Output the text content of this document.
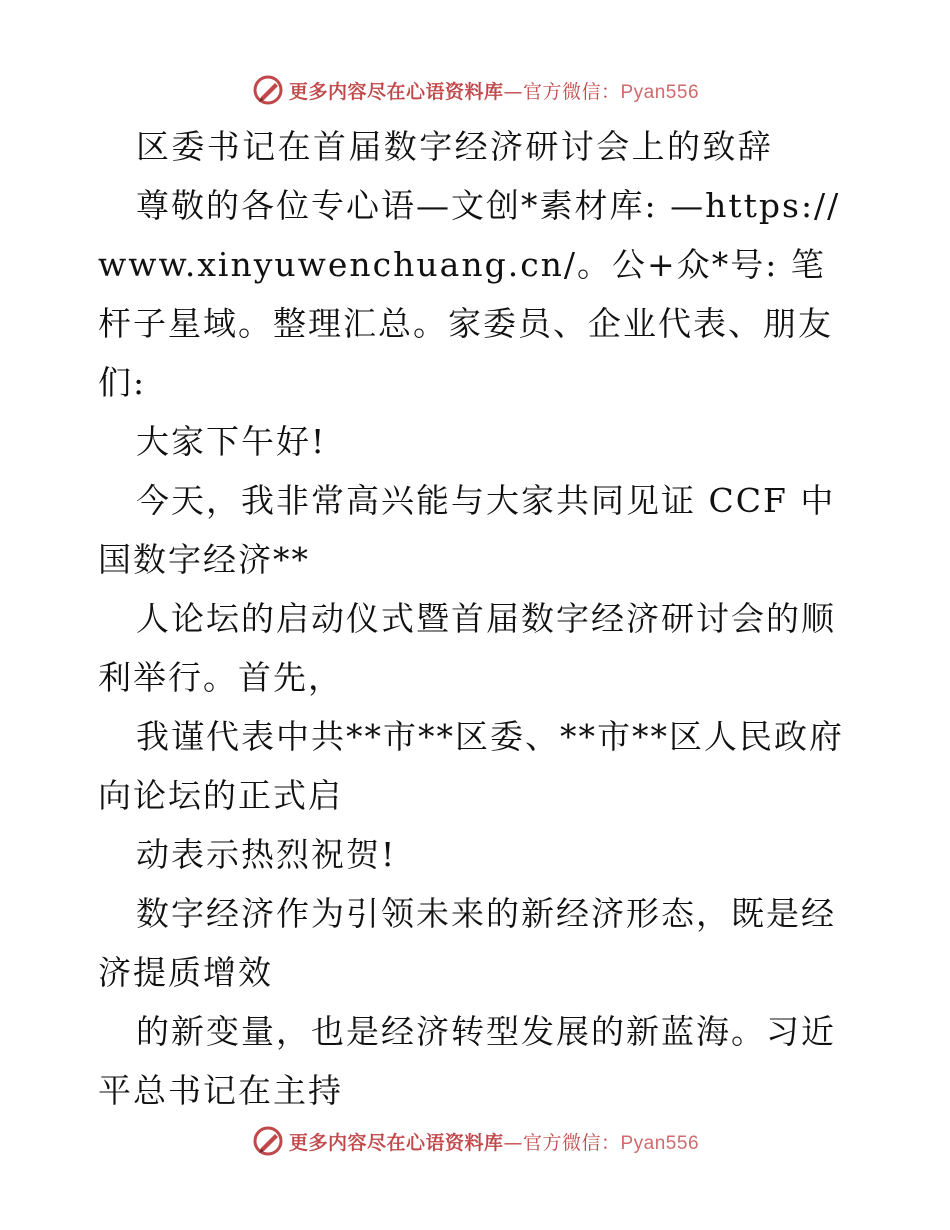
更多内容尽在心语资料库—官方微信：Pyan556

区委书记在首届数字经济研讨会上的致辞

尊敬的各位专心语—文创*素材库: —https://www.xinyuwenchuang.cn/。公+众*号: 笔杆子星域。整理汇总。家委员、企业代表、朋友们:

大家下午好!

今天，我非常高兴能与大家共同见证 CCF 中国数字经济**

人论坛的启动仪式暨首届数字经济研讨会的顺利举行。首先，

我谨代表中共**市**区委、**市**区人民政府向论坛的正式启

动表示热烈祝贺!

数字经济作为引领未来的新经济形态，既是经济提质增效

的新变量，也是经济转型发展的新蓝海。习近平总书记在主持

更多内容尽在心语资料库—官方微信：Pyan556
